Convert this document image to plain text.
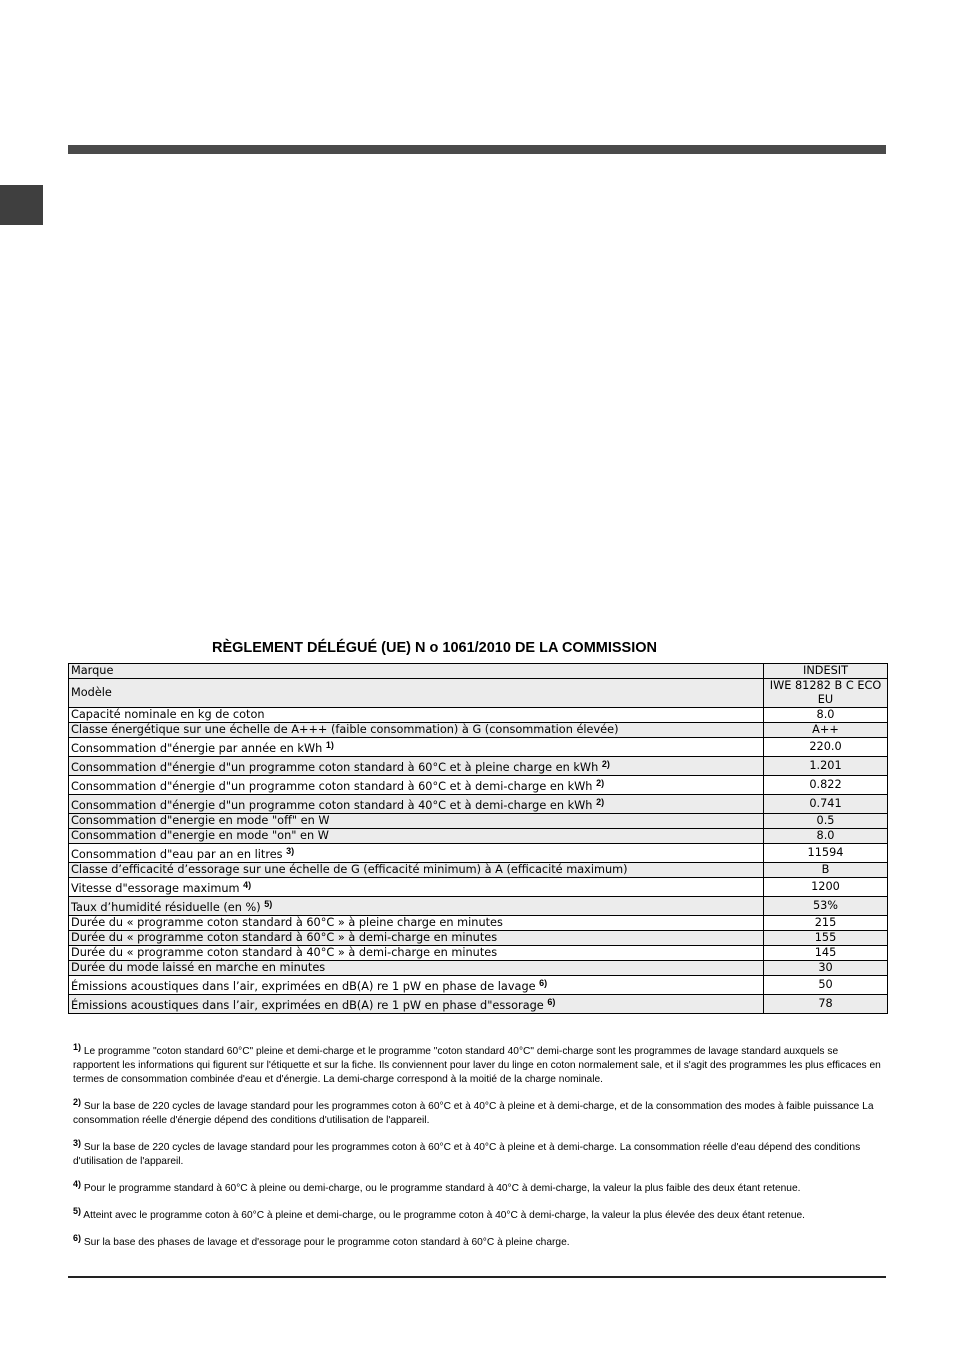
RÈGLEMENT DÉLÉGUÉ (UE) N o 1061/2010 DE LA COMMISSION
Marque	INDESIT
Modèle	IWE 81282 B C ECO EU
Capacité nominale en kg de coton	8.0
Classe énergétique sur une échelle de A+++ (faible consommation) à G (consommation élevée)	A++
Consommation d"énergie par année en kWh $^{1)}$	220.0
Consommation d"énergie d"un programme coton standard à 60°C et à pleine charge en kWh $^{2)}$	1.201
Consommation d"énergie d"un programme coton standard à 60°C et à demi-charge en kWh $^{2)}$	0.822
Consommation d"énergie d"un programme coton standard à 40°C et à demi-charge en kWh $^{2)}$	0.741
Consommation d"energie en mode "off" en W	0.5
Consommation d"energie en mode "on" en W	8.0
Consommation d"eau par an en litres $^{3)}$	11594
Classe d’efficacité d’essorage sur une échelle de G (efficacité minimum) à A (efficacité maximum)	B
Vitesse d"essorage maximum $^{4)}$	1200
Taux d’humidité résiduelle (en %) $^{5)}$	53%
Durée du « programme coton standard à 60°C » à pleine charge en minutes	215
Durée du « programme coton standard à 60°C » à demi-charge en minutes	155
Durée du « programme coton standard à 40°C » à demi-charge en minutes	145
Durée du mode laissé en marche en minutes	30
Émissions acoustiques dans l’air, exprimées en dB(A) re 1 pW en phase de lavage $^{6)}$	50
Émissions acoustiques dans l’air, exprimées en dB(A) re 1 pW en phase d"essorage $^{6)}$	78
$^{1)}$ Le programme "coton standard 60°C" pleine et demi-charge et le programme "coton standard 40°C" demi-charge sont les programmes de lavage standard auxquels se rapportent les informations qui figurent sur l'étiquette et sur la fiche. Ils conviennent pour laver du linge en coton normalement sale, et il s'agit des programmes les plus efficaces en termes de consommation combinée d'eau et d'énergie. La demi-charge correspond à la moitié de la charge nominale.
$^{2)}$ Sur la base de 220 cycles de lavage standard pour les programmes coton à 60°C et à 40°C à pleine et à demi-charge, et de la consommation des modes à faible puissance La consommation réelle d'énergie dépend des conditions d'utilisation de l'appareil.
$^{3)}$ Sur la base de 220 cycles de lavage standard pour les programmes coton à 60°C et à 40°C à pleine et à demi-charge. La consommation réelle d'eau dépend des conditions d'utilisation de l'appareil.
$^{4)}$ Pour le programme standard à 60°C à pleine ou demi-charge, ou le programme standard à 40°C à demi-charge, la valeur la plus faible des deux étant retenue.
$^{5)}$ Atteint avec le programme coton à 60°C à pleine et demi-charge, ou le programme coton à 40°C à demi-charge, la valeur la plus élevée des deux étant retenue.
$^{6)}$ Sur la base des phases de lavage et d'essorage pour le programme coton standard à 60°C à pleine charge.
